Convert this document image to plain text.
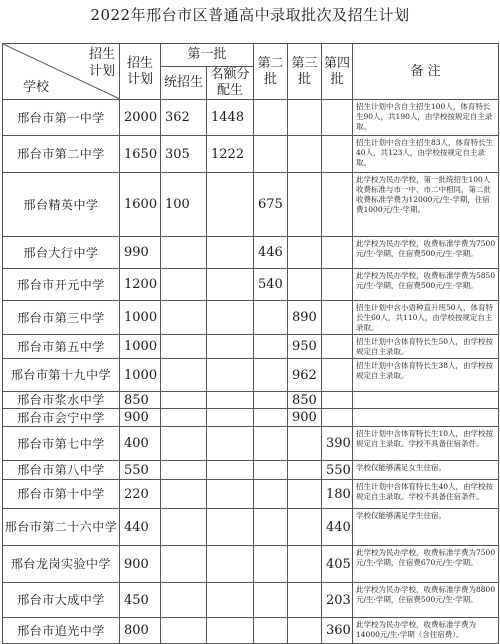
2022年邢台市区普通高中录取批次及招生计划
招生
计划
学校	招生计划	第一批		第二批	第三批	第四批	备 注
		统招生	名额分配生				

邢台市第一中学	2000	362	1448				招生计划中含自主招生100人，体育特长生90人，共190人，由学校按规定自主录取。
邢台市第二中学	1650	305	1222				招生计划中含自主招生83人，体育特长生40人，共123人，由学校按规定自主录取。
邢台精英中学	1600	100		675			此学校为民办学校，第一批统招生100人收费标准与市一中、市二中相同，第二批收费标准学费为12000元/生·学期，住宿费1000元/生·学期。
邢台大行中学	990			446			此学校为民办学校，收费标准学费为7500元/生·学期，住宿费500元/生·学期。
邢台市开元中学	1200			540			此学校为民办学校，收费标准学费为5850元/生·学期，住宿费500元/生·学期。
邢台市第三中学	1000				890		招生计划中含小语种直升班50人，体育特长生60人，共110人，由学校按规定自主录取。
邢台市第五中学	1000				950		招生计划中含体育特长生50人，由学校按规定自主录取。
邢台市第十九中学	1000				962		招生计划中含体育特长生38人，由学校按规定自主录取。
邢台市浆水中学	850				850		
邢台市会宁中学	900				900		
邢台市第七中学	400					390	招生计划中含体育特长生10人，由学校按规定自主录取。学校不具备住宿条件。
邢台市第八中学	550					550	学校仅能够满足女生住宿。
邢台市第十中学	220					180	招生计划中含体育特长生40人，由学校按规定自主录取。学校不具备住宿条件。
邢台市第二十六中学	440					440	学校仅能够满足学生住宿。
邢台龙岗实验中学	900					405	此学校为民办学校，收费标准学费为7500元/生·学期，住宿费670元/生·学期。
邢台市大成中学	450					203	此学校为民办学校，收费标准学费为8800元/生·学期，住宿费500元/生·学期。
邢台市追光中学	800					360	此学校为民办学校，收费标准学费为14000元/生·学期（含住宿费）。
